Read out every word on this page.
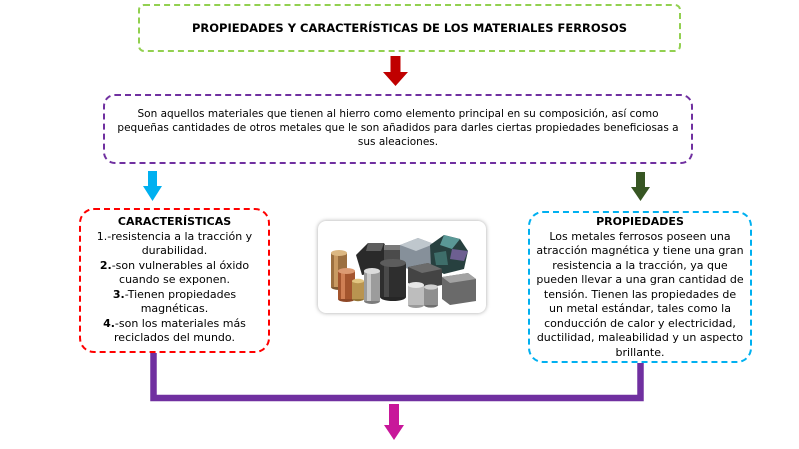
PROPIEDADES Y CARACTERÍSTICAS DE LOS MATERIALES FERROSOS
Son aquellos materiales que tienen al hierro como elemento principal en su composición, así como
pequeñas cantidades de otros metales que le son añadidos para darles ciertas propiedades beneficiosas a
sus aleaciones.
CARACTERÍSTICAS

1.-resistencia a la tracción y
durabilidad.

2.-son vulnerables al óxido
cuando se exponen.

3.-Tienen propiedades
magnéticas.

4.-son los materiales más
reciclados del mundo.

PROPIEDADES
Los metales ferrosos poseen una
atracción magnética y tiene una gran
resistencia a la tracción, ya que
pueden llevar a una gran cantidad de
tensión. Tienen las propiedades de
un metal estándar, tales como la
conducción de calor y electricidad,
ductilidad, maleabilidad y un aspecto
brillante.
